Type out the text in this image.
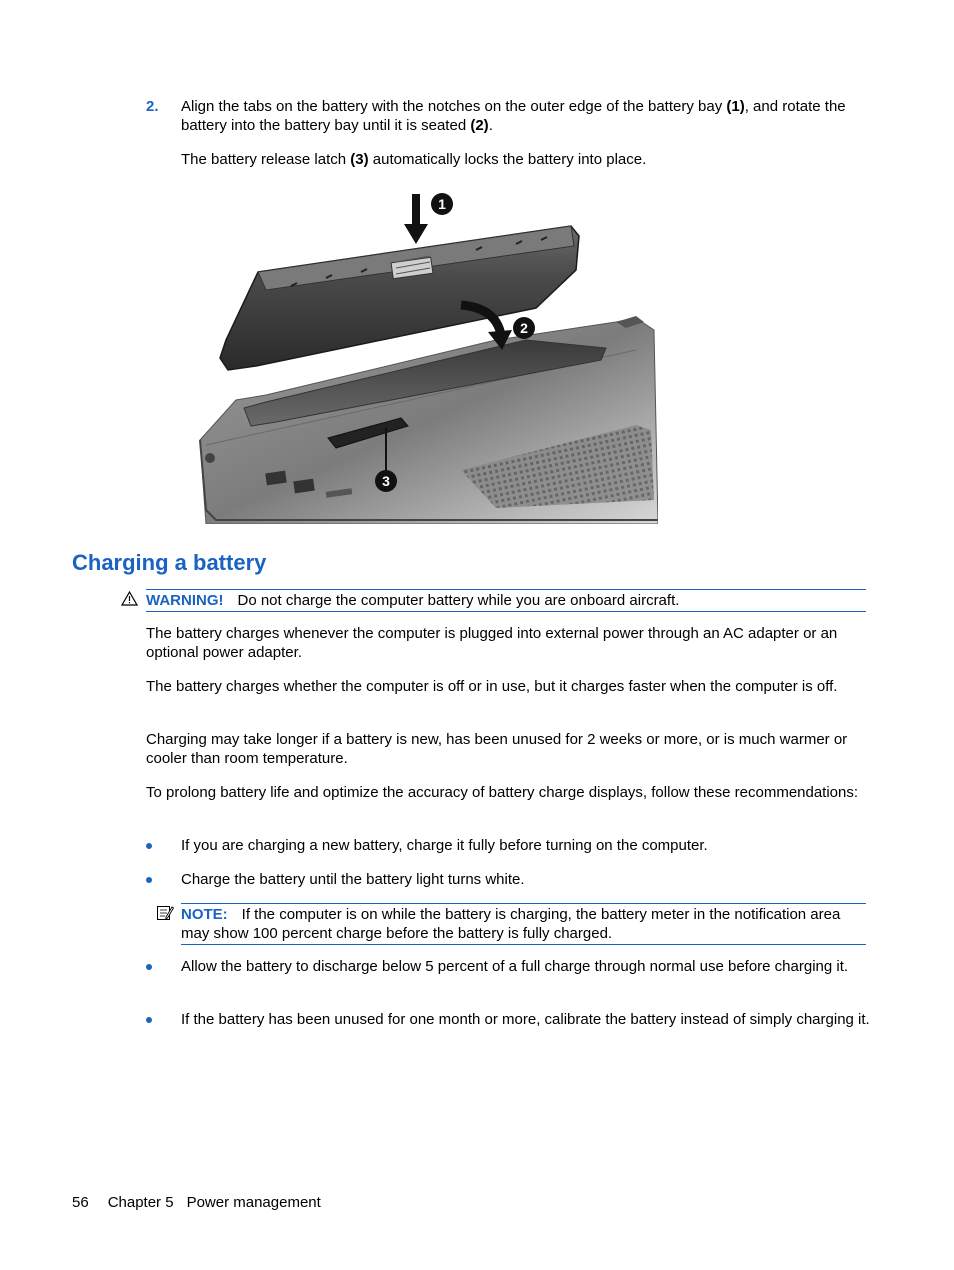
2. Align the tabs on the battery with the notches on the outer edge of the battery bay (1), and rotate the battery into the battery bay until it is seated (2).
The battery release latch (3) automatically locks the battery into place.
1
2
3
Charging a battery
WARNING! Do not charge the computer battery while you are onboard aircraft.
The battery charges whenever the computer is plugged into external power through an AC adapter or an optional power adapter.
The battery charges whether the computer is off or in use, but it charges faster when the computer is off.
Charging may take longer if a battery is new, has been unused for 2 weeks or more, or is much warmer or cooler than room temperature.
To prolong battery life and optimize the accuracy of battery charge displays, follow these recommendations:
If you are charging a new battery, charge it fully before turning on the computer.
Charge the battery until the battery light turns white.
NOTE: If the computer is on while the battery is charging, the battery meter in the notification area may show 100 percent charge before the battery is fully charged.
Allow the battery to discharge below 5 percent of a full charge through normal use before charging it.
If the battery has been unused for one month or more, calibrate the battery instead of simply charging it.
56 Chapter 5 Power management
